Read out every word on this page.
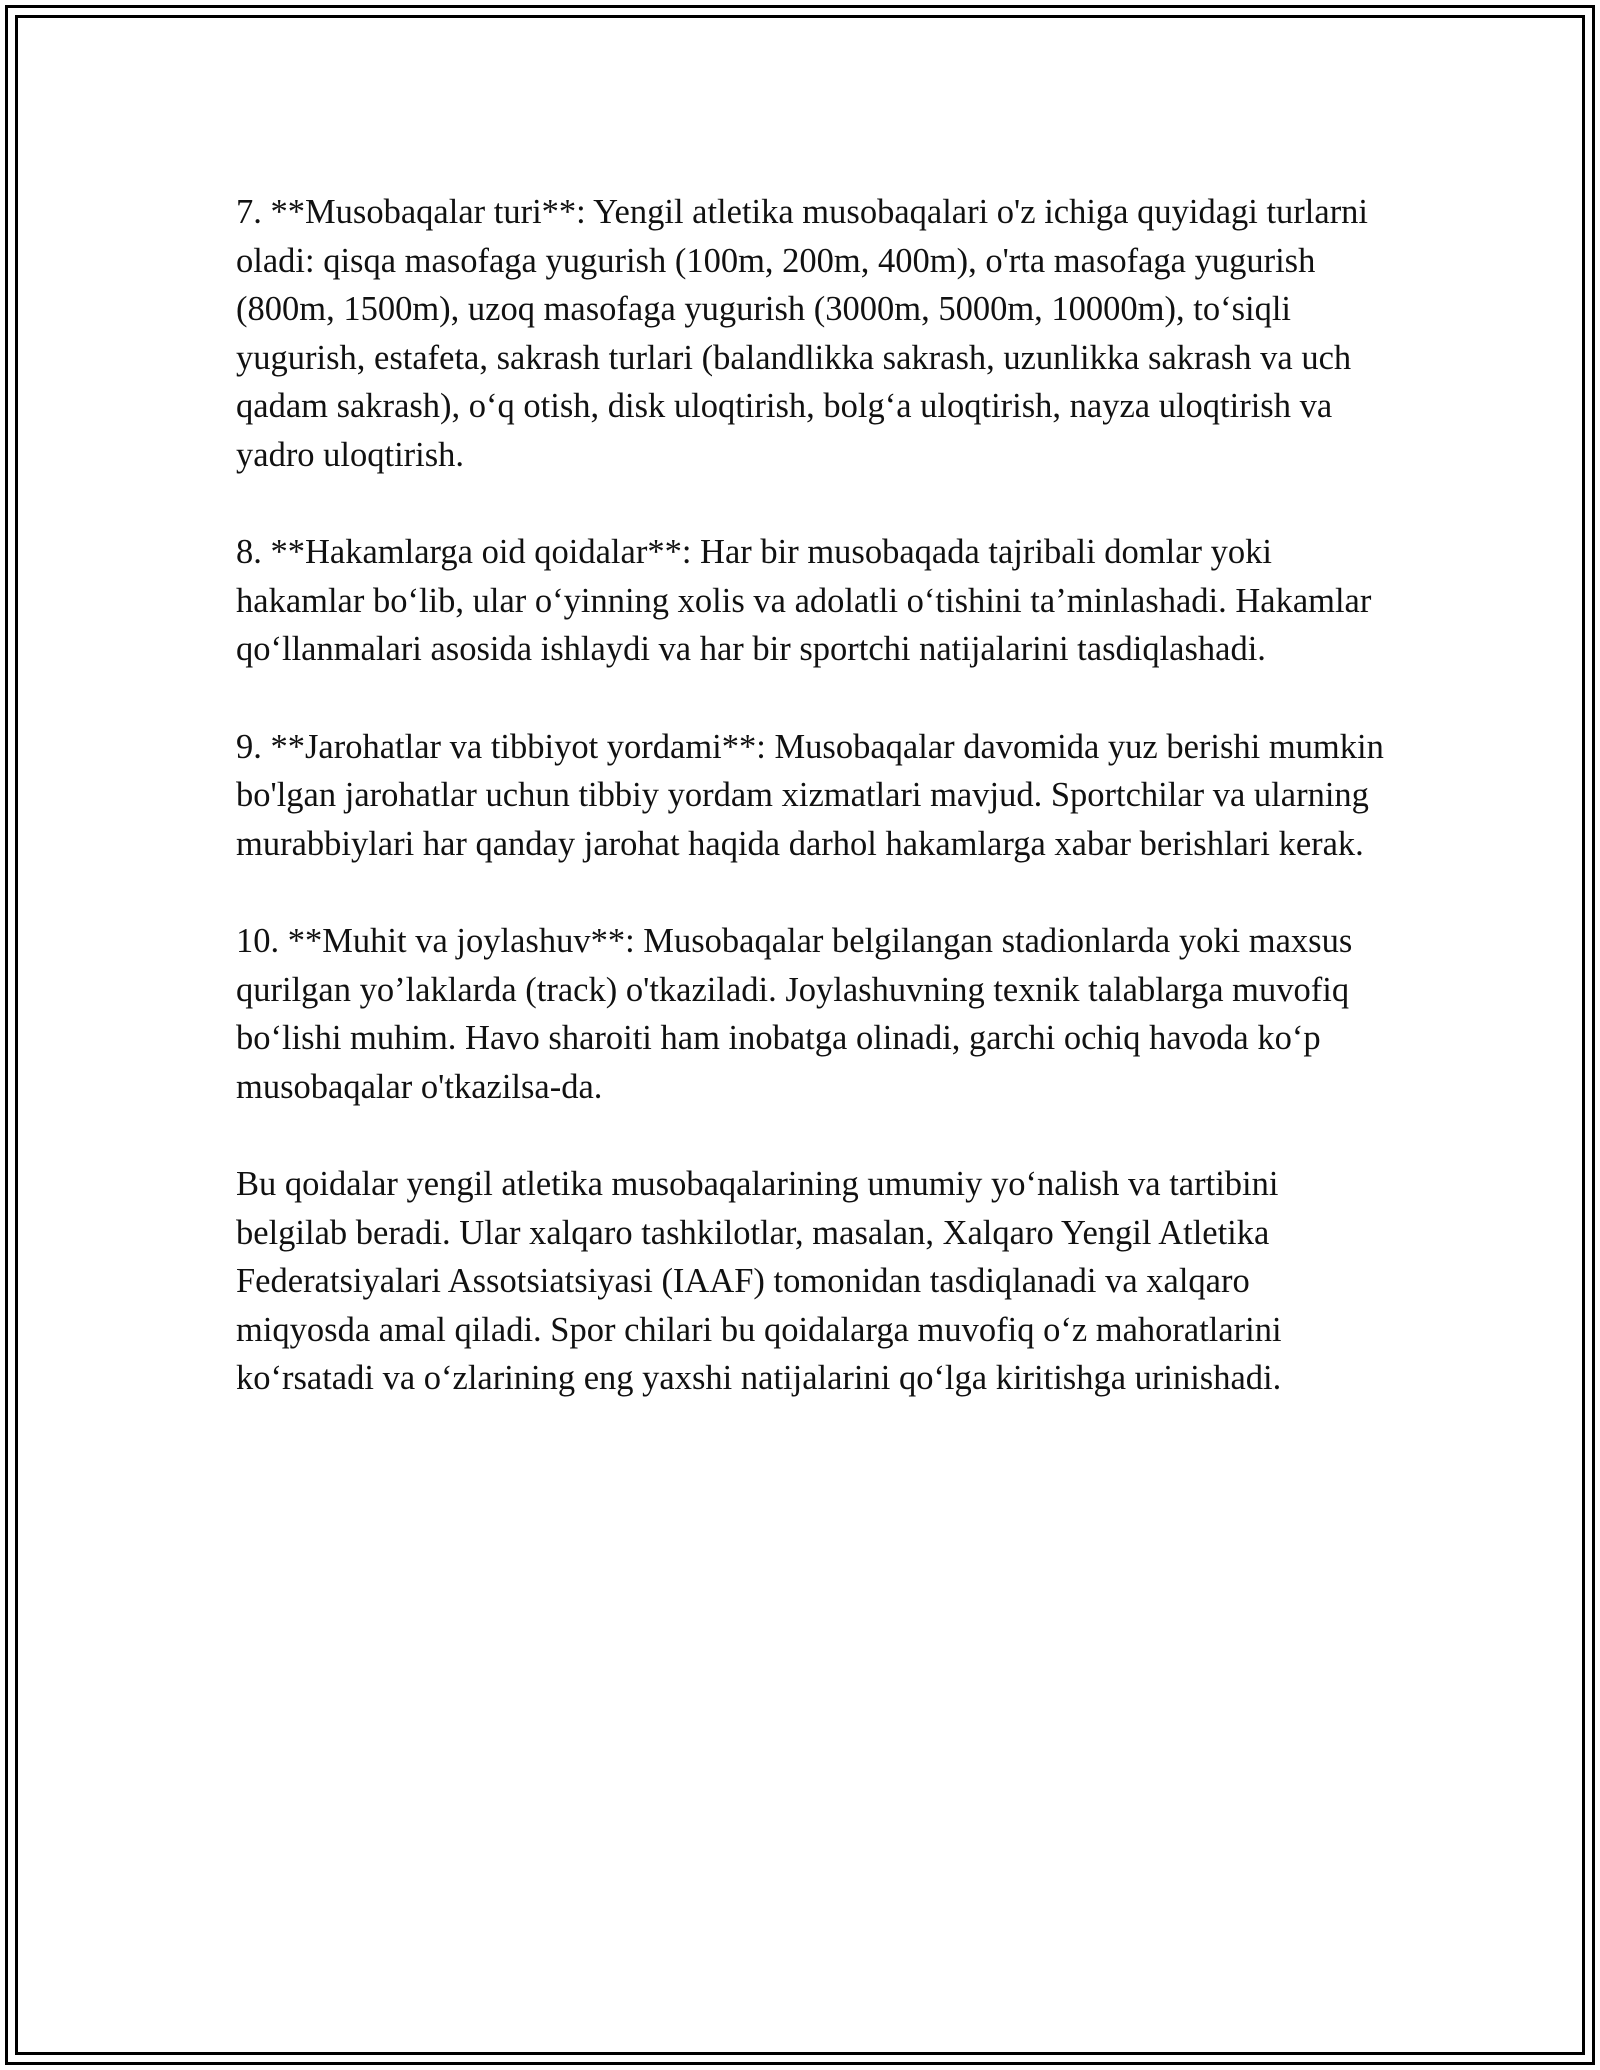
7. **Musobaqalar turi**: Yengil atletika musobaqalari o'z ichiga quyidagi turlarni oladi: qisqa masofaga yugurish (100m, 200m, 400m), o'rta masofaga yugurish (800m, 1500m), uzoq masofaga yugurish (3000m, 5000m, 10000m), to‘siqli yugurish, estafeta, sakrash turlari (balandlikka sakrash, uzunlikka sakrash va uch qadam sakrash), o‘q otish, disk uloqtirish, bolg‘a uloqtirish, nayza uloqtirish va yadro uloqtirish.

8. **Hakamlarga oid qoidalar**: Har bir musobaqada tajribali domlar yoki hakamlar bo‘lib, ular o‘yinning xolis va adolatli o‘tishini ta’minlashadi. Hakamlar qo‘llanmalari asosida ishlaydi va har bir sportchi natijalarini tasdiqlashadi.

9. **Jarohatlar va tibbiyot yordami**: Musobaqalar davomida yuz berishi mumkin bo'lgan jarohatlar uchun tibbiy yordam xizmatlari mavjud. Sportchilar va ularning murabbiylari har qanday jarohat haqida darhol hakamlarga xabar berishlari kerak.

10. **Muhit va joylashuv**: Musobaqalar belgilangan stadionlarda yoki maxsus qurilgan yo’laklarda (track) o'tkaziladi. Joylashuvning texnik talablarga muvofiq bo‘lishi muhim. Havo sharoiti ham inobatga olinadi, garchi ochiq havoda ko‘p musobaqalar o'tkazilsa-da.

Bu qoidalar yengil atletika musobaqalarining umumiy yo‘nalish va tartibini belgilab beradi. Ular xalqaro tashkilotlar, masalan, Xalqaro Yengil Atletika Federatsiyalari Assotsiatsiyasi (IAAF) tomonidan tasdiqlanadi va xalqaro miqyosda amal qiladi. Spor chilari bu qoidalarga muvofiq o‘z mahoratlarini ko‘rsatadi va o‘zlarining eng yaxshi natijalarini qo‘lga kiritishga urinishadi.
